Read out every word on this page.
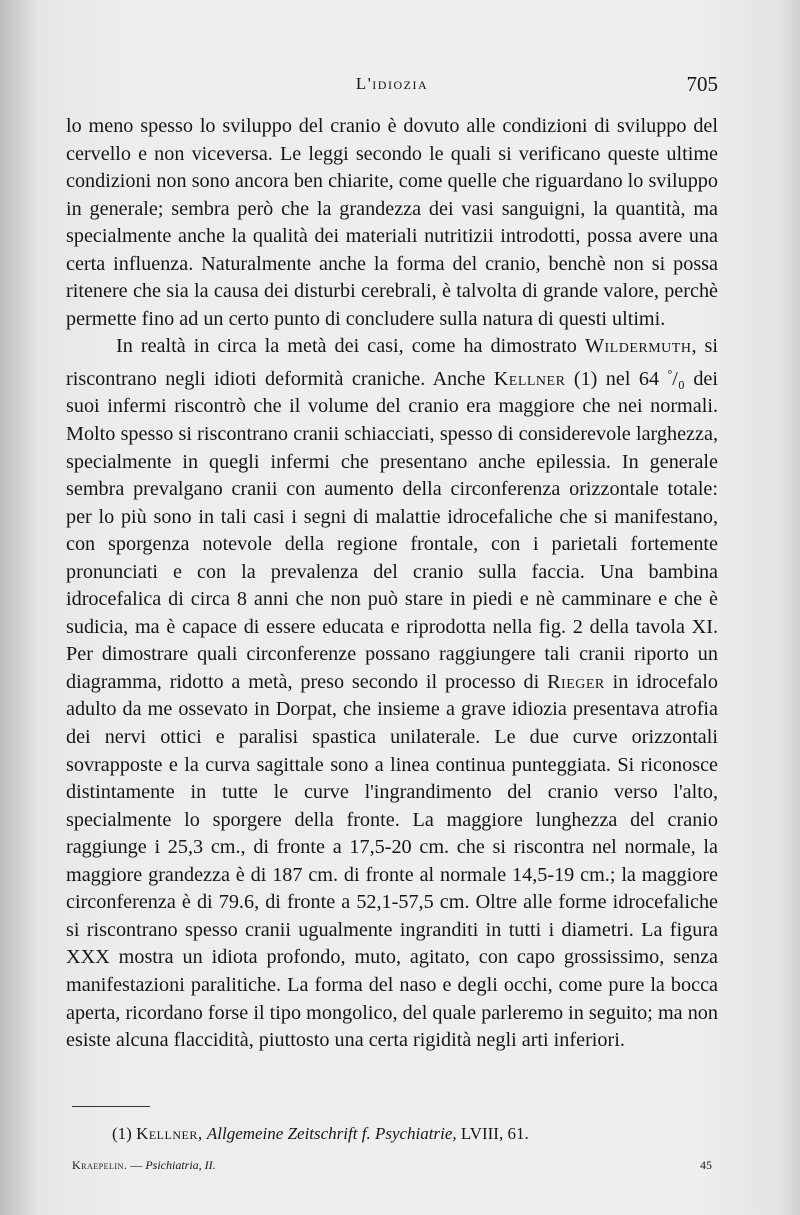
L'idiozia	705

lo meno spesso lo sviluppo del cranio è dovuto alle condizioni di sviluppo del cervello e non viceversa. Le leggi secondo le quali si verificano queste ultime condizioni non sono ancora ben chiarite, come quelle che riguardano lo sviluppo in generale; sembra però che la grandezza dei vasi sanguigni, la quantità, ma specialmente anche la qualità dei materiali nutritizii introdotti, possa avere una certa influenza. Naturalmente anche la forma del cranio, benchè non si possa ritenere che sia la causa dei disturbi cerebrali, è talvolta di grande valore, perchè permette fino ad un certo punto di concludere sulla natura di questi ultimi.

In realtà in circa la metà dei casi, come ha dimostrato Wildermuth, si riscontrano negli idioti deformità craniche. Anche Kellner (1) nel 64 °/₀ dei suoi infermi riscontrò che il volume del cranio era maggiore che nei normali. Molto spesso si riscontrano cranii schiacciati, spesso di considerevole larghezza, specialmente in quegli infermi che presentano anche epilessia. In generale sembra prevalgano cranii con aumento della circonferenza orizzontale totale: per lo più sono in tali casi i segni di malattie idrocefaliche che si manifestano, con sporgenza notevole della regione frontale, con i parietali fortemente pronunciati e con la prevalenza del cranio sulla faccia. Una bambina idrocefalica di circa 8 anni che non può stare in piedi e nè camminare e che è sudicia, ma è capace di essere educata e riprodotta nella fig. 2 della tavola XI. Per dimostrare quali circonferenze possano raggiungere tali cranii riporto un diagramma, ridotto a metà, preso secondo il processo di Rieger in idrocefalo adulto da me ossevato in Dorpat, che insieme a grave idiozia presentava atrofia dei nervi ottici e paralisi spastica unilaterale. Le due curve orizzontali sovrapposte e la curva sagittale sono a linea continua punteggiata. Si riconosce distintamente in tutte le curve l'ingrandimento del cranio verso l'alto, specialmente lo sporgere della fronte. La maggiore lunghezza del cranio raggiunge i 25,3 cm., di fronte a 17,5-20 cm. che si riscontra nel normale, la maggiore grandezza è di 187 cm. di fronte al normale 14,5-19 cm.; la maggiore circonferenza è di 79.6, di fronte a 52,1-57,5 cm. Oltre alle forme idrocefaliche si riscontrano spesso cranii ugualmente ingranditi in tutti i diametri. La figura XXX mostra un idiota profondo, muto, agitato, con capo grossissimo, senza manifestazioni paralitiche. La forma del naso e degli occhi, come pure la bocca aperta, ricordano forse il tipo mongolico, del quale parleremo in seguito; ma non esiste alcuna flaccidità, piuttosto una certa rigidità negli arti inferiori.

(1) Kellner, Allgemeine Zeitschrift f. Psychiatrie, LVIII, 61.
Kraepelin. — Psichiatria, II.	45
